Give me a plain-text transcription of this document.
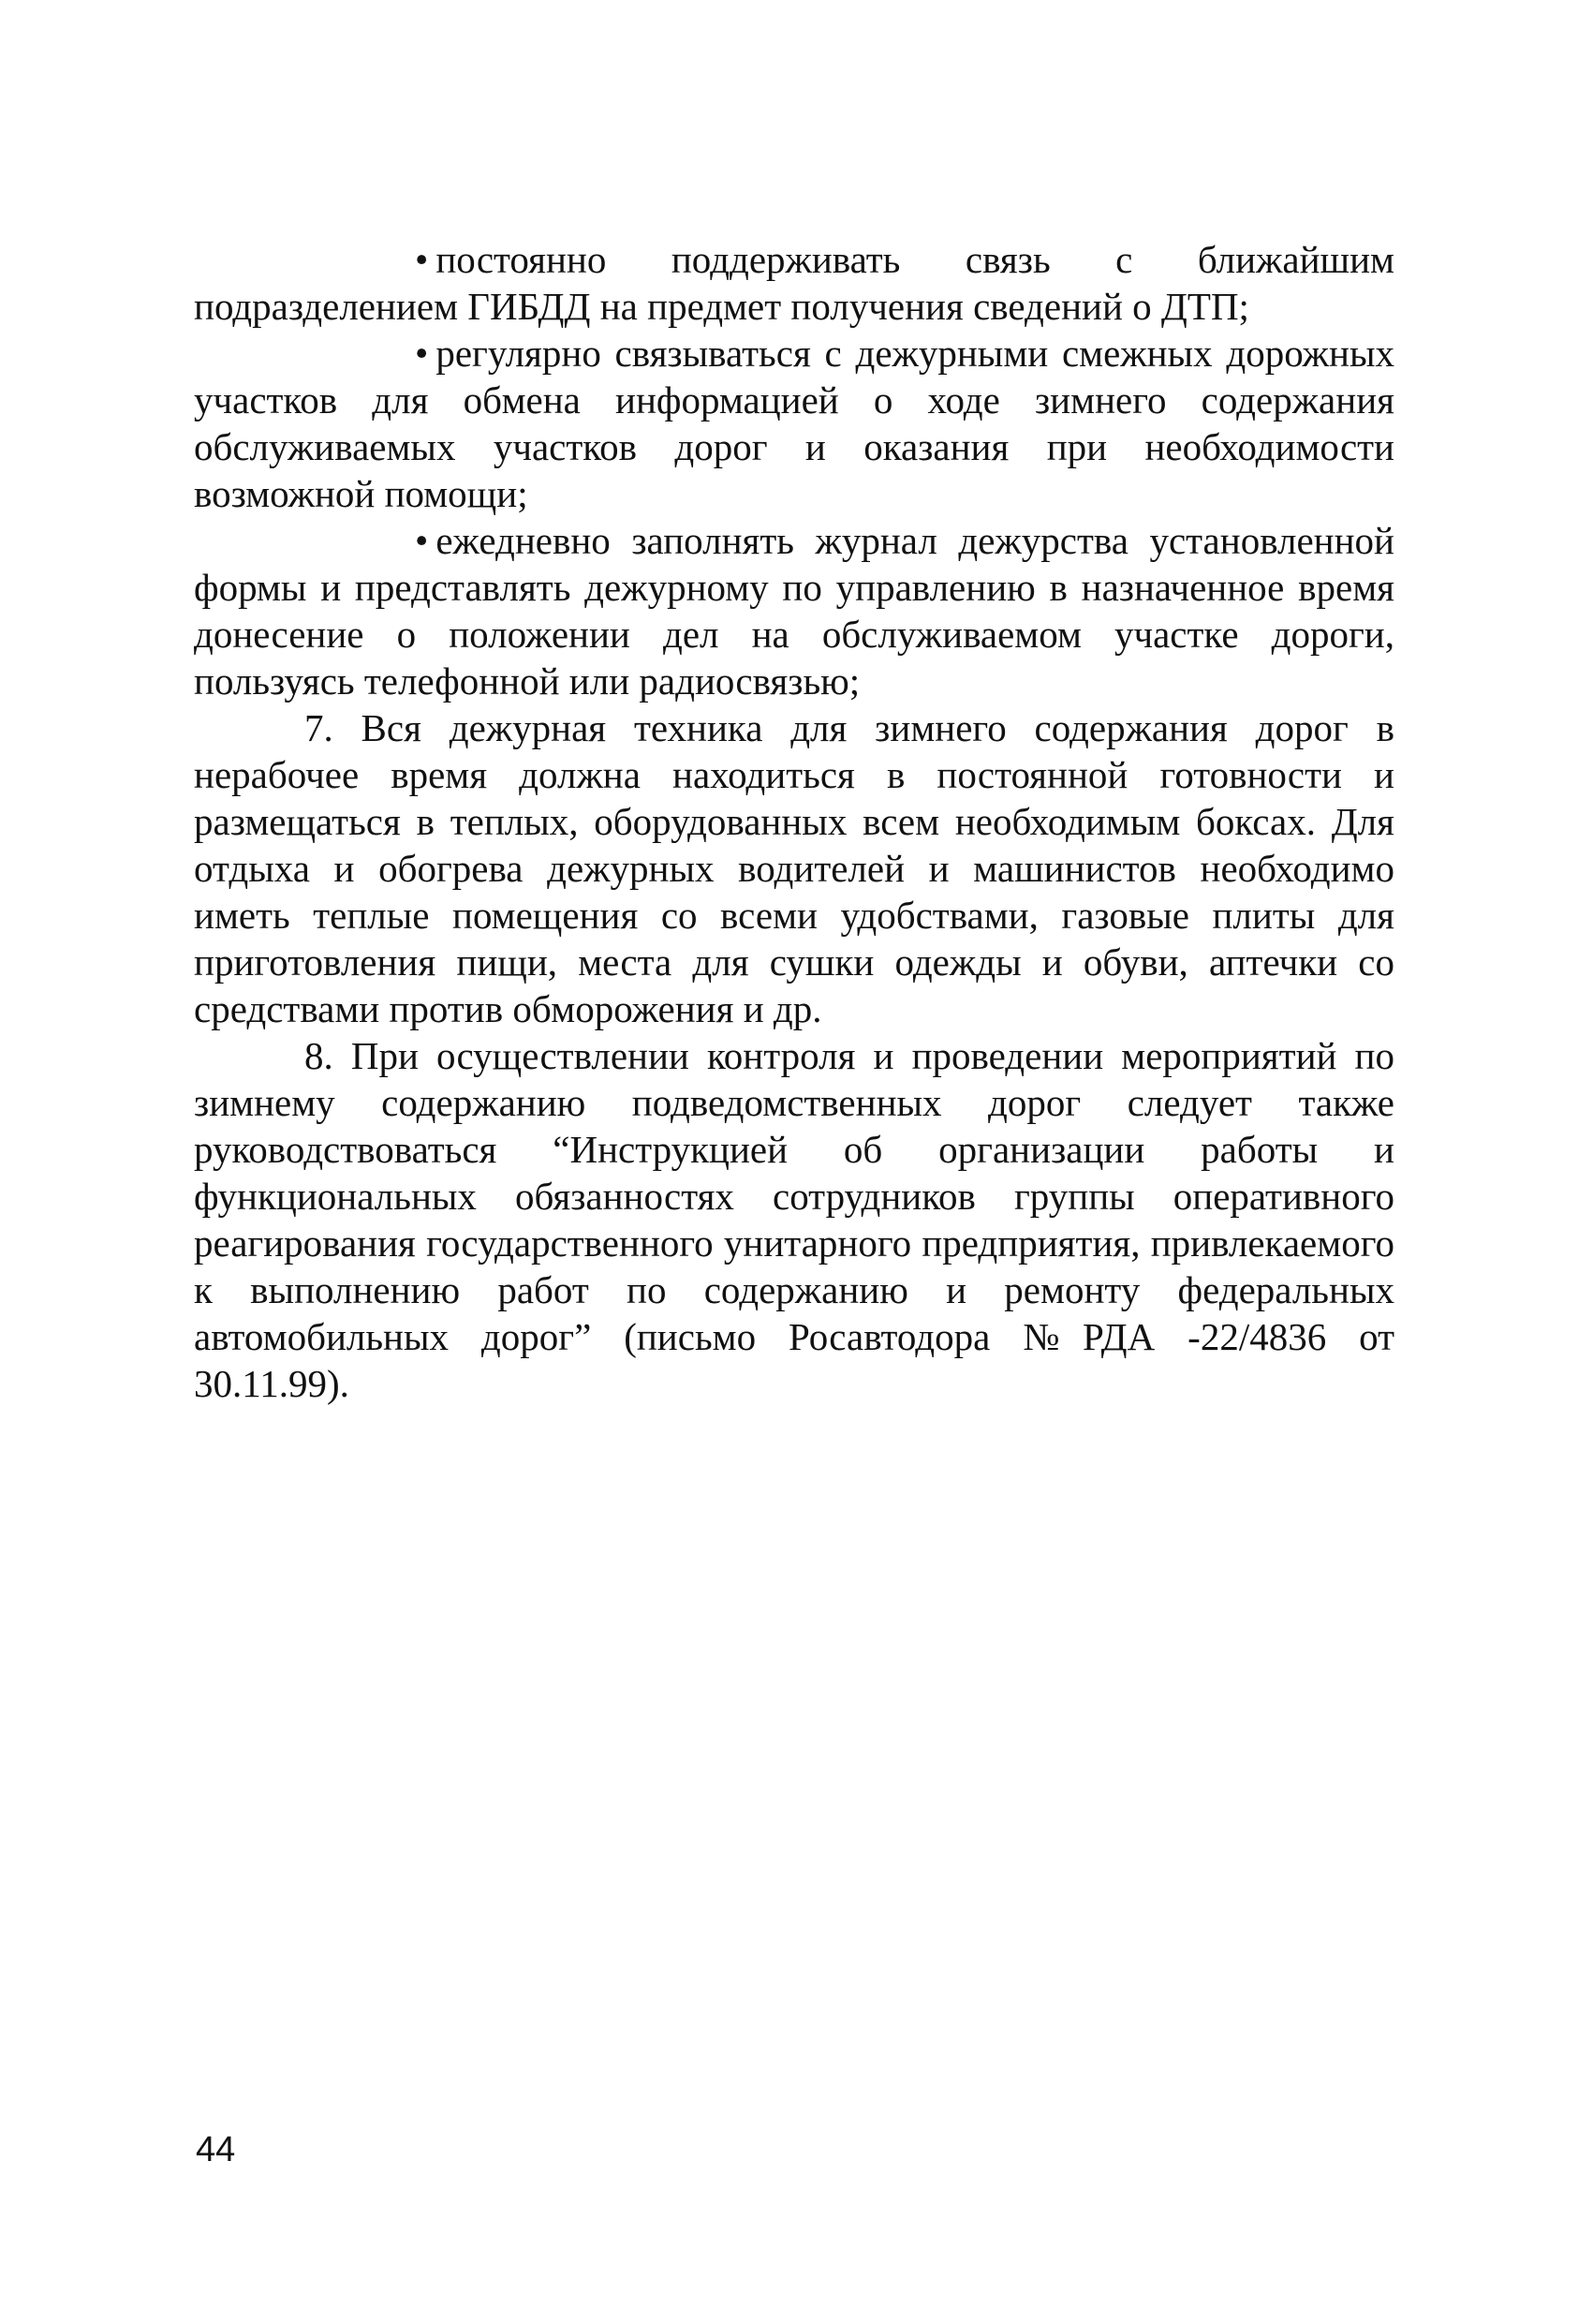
• постоянно поддерживать связь с ближайшим подразделением ГИБДД на предмет получения сведений о ДТП;

• регулярно связываться с дежурными смежных дорожных участков для обмена информацией о ходе зимнего содержания обслуживаемых участков дорог и оказания при необходимости возможной помощи;

• ежедневно заполнять журнал дежурства установленной формы и представлять дежурному по управлению в назначенное время донесение о положении дел на обслуживаемом участке дороги, пользуясь телефонной или радиосвязью;

7. Вся дежурная техника для зимнего содержания дорог в нерабочее время должна находиться в постоянной готовности и размещаться в теплых, оборудованных всем необходимым боксах. Для отдыха и обогрева дежурных водителей и машинистов необходимо иметь теплые помещения со всеми удобствами, газовые плиты для приготовления пищи, места для сушки одежды и обуви, аптечки со средствами против обморожения и др.

8. При осуществлении контроля и проведении мероприятий по зимнему содержанию подведомственных дорог следует также руководствоваться “Инструкцией об организации работы и функциональных обязанностях сотрудников группы оперативного реагирования государственного унитарного предприятия, привлекаемого к выполнению работ по содержанию и ремонту федеральных автомобильных дорог” (письмо Росавтодора №РДА -22/4836 от 30.11.99).

44
